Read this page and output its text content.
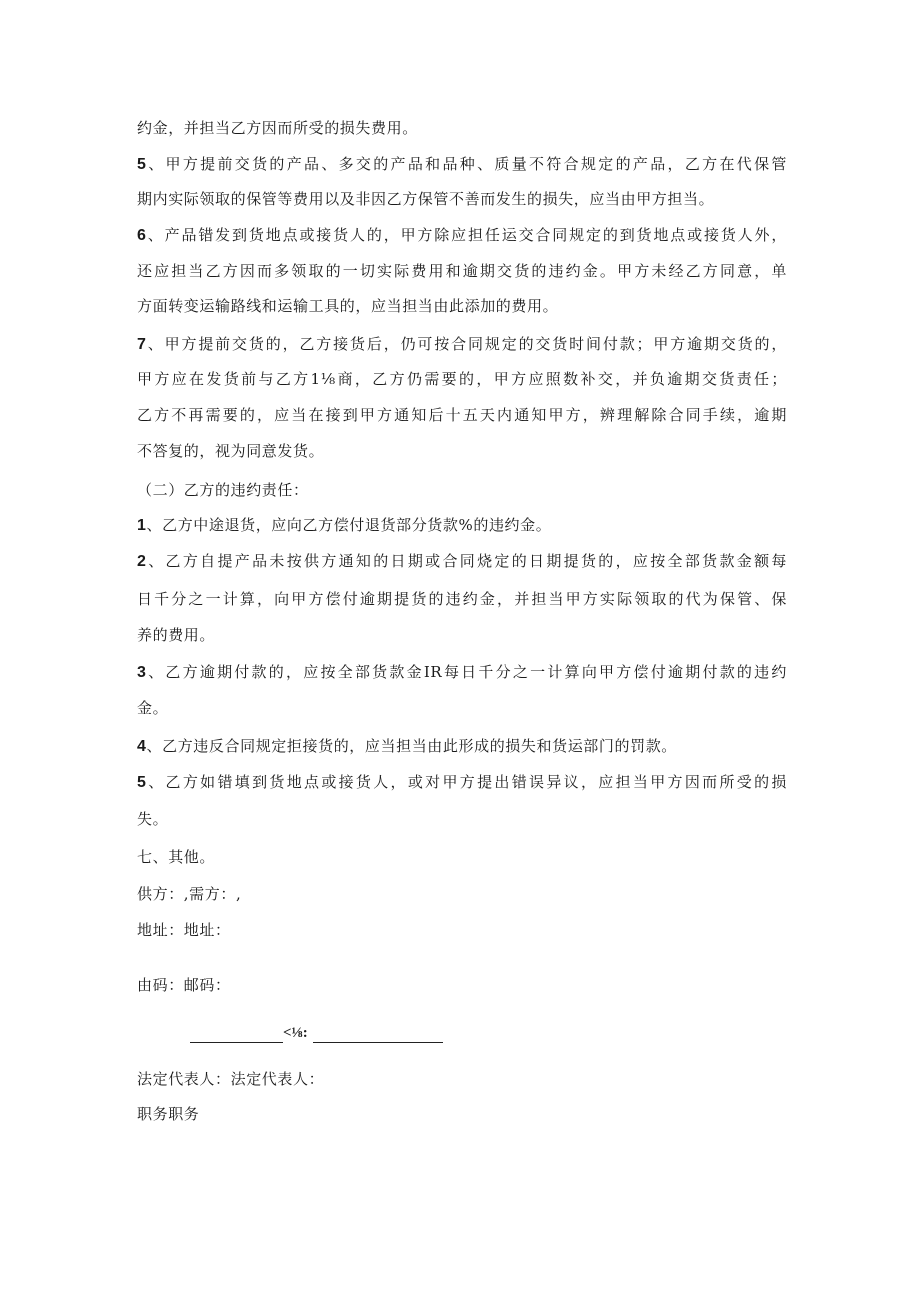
约金，并担当乙方因而所受的损失费用。
5、甲方提前交货的产品、多交的产品和品种、质量不符合规定的产品，乙方在代保管
期内实际领取的保管等费用以及非因乙方保管不善而发生的损失，应当由甲方担当。
6、产品错发到货地点或接货人的，甲方除应担任运交合同规定的到货地点或接货人外，
还应担当乙方因而多领取的一切实际费用和逾期交货的违约金。甲方未经乙方同意，单
方面转变运输路线和运输工具的，应当担当由此添加的费用。
7、甲方提前交货的，乙方接货后，仍可按合同规定的交货时间付款；甲方逾期交货的，
甲方应在发货前与乙方1⅛商，乙方仍需要的，甲方应照数补交，并负逾期交货责任；
乙方不再需要的，应当在接到甲方通知后十五天内通知甲方，辨理解除合同手续，逾期
不答复的，视为同意发货。
（二）乙方的违约责任：
1、乙方中途退货，应向乙方偿付退货部分货款%的违约金。
2、乙方自提产品未按供方通知的日期或合同烧定的日期提货的，应按全部货款金额每
日千分之一计算，向甲方偿付逾期提货的违约金，并担当甲方实际领取的代为保管、保
养的费用。
3、乙方逾期付款的，应按全部货款金IR每日千分之一计算向甲方偿付逾期付款的违约
金。
4、乙方违反合同规定拒接货的，应当担当由此形成的损失和货运部门的罚款。
5、乙方如错填到货地点或接货人，或对甲方提出错误异议，应担当甲方因而所受的损
失。
七、其他。
供方：,需方：,
地址：地址：
由码：邮码：
<⅛:
法定代表人：法定代表人：
职务职务
